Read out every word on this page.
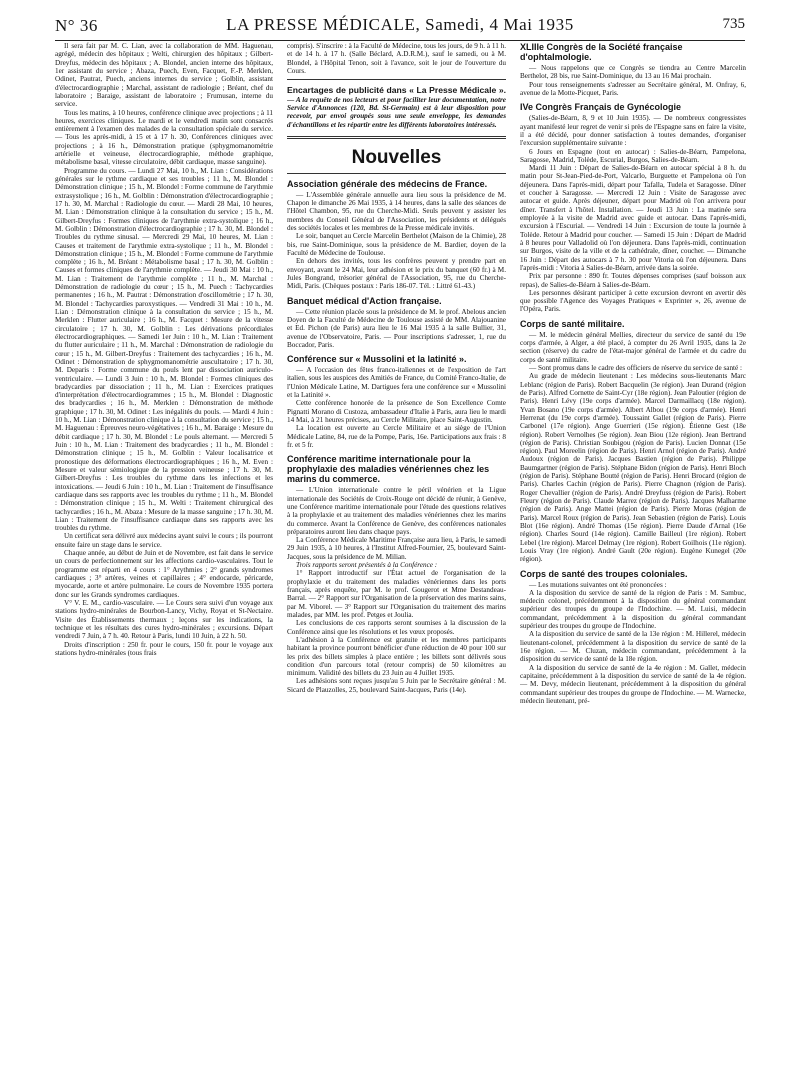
N° 36	LA PRESSE MÉDICALE, Samedi, 4 Mai 1935	735

Il sera fait par M. C. Lian, avec la collaboration de MM. Haguenau, agrégé, médecin des hôpitaux ; Welti, chirurgien des hôpitaux ; Gilbert-Dreyfus, médecin des hôpitaux ; A. Blondel, ancien interne des hôpitaux, 1er assistant du service ; Abaza, Puech, Even, Facquet, F.-P. Merklen, Odinet, Pautrat, Puech, anciens internes du service ; Golblin, assistant d'électrocardiographie ; Marchal, assistant de radiologie ; Bréant, chef du laboratoire ; Baraige, assistant de laboratoire ; Frumusan, interne du service.

Tous les matins, à 10 heures, conférence clinique avec projections ; à 11 heures, exercices cliniques. Le mardi et le vendredi matin sont consacrés entièrement à l'examen des malades de la consultation spéciale du service. — Tous les après-midi, à 15 et à 17 h. 30, Conférences cliniques avec projections ; à 16 h., Démonstration pratique (sphygmomanométrie artérielle et veineuse, électrocardiographie, méthode graphique, métabolisme basal, vitesse circulatoire, débit cardiaque, masse sanguine).

Programme du cours. — Lundi 27 Mai, 10 h., M. Lian : Considérations générales sur le rythme cardiaque et ses troubles ; 11 h., M. Blondel : Démonstration clinique ; 15 h., M. Blondel : Forme commune de l'arythmie extrasystolique ; 16 h., M. Golblin : Démonstration d'électrocardiographie ; 17 h. 30, M. Marchal : Radiologie du cœur. — Mardi 28 Mai, 10 heures, M. Lian : Démonstration clinique à la consultation du service ; 15 h., M. Gilbert-Dreyfus : Formes cliniques de l'arythmie extra-systolique ; 16 h., M. Golblin : Démonstration d'électrocardiographie ; 17 h. 30, M. Blondel : Troubles du rythme sinusal. — Mercredi 29 Mai, 10 heures, M. Lian : Causes et traitement de l'arythmie extra-systolique ; 11 h., M. Blondel : Démonstration clinique ; 15 h., M. Blondel : Forme commune de l'arythmie complète ; 16 h., M. Bréant : Métabolisme basal ; 17 h. 30, M. Golblin : Causes et formes cliniques de l'arythmie complète. — Jeudi 30 Mai : 10 h., M. Lian : Traitement de l'arythmie complète ; 11 h., M. Marchal : Démonstration de radiologie du cœur ; 15 h., M. Puech : Tachycardies permanentes ; 16 h., M. Pautrat : Démonstration d'oscillométrie ; 17 h. 30, M. Blondel : Tachycardies paroxystiques. — Vendredi 31 Mai : 10 h., M. Lian : Démonstration clinique à la consultation du service ; 15 h., M. Merklen : Flutter auriculaire ; 16 h., M. Facquet : Mesure de la vitesse circulatoire ; 17 h. 30, M. Golblin : Les dérivations précordiales électrocardiographiques. — Samedi 1er Juin : 10 h., M. Lian : Traitement du flutter auriculaire ; 11 h., M. Marchal : Démonstration de radiologie du cœur ; 15 h., M. Gilbert-Dreyfus : Traitement des tachycardies ; 16 h., M. Odinet : Démonstration de sphygmomanométrie auscultatoire ; 17 h. 30, M. Deparis : Forme commune du pouls lent par dissociation auriculo-ventriculaire. — Lundi 3 Juin : 10 h., M. Blondel : Formes cliniques des bradycardies par dissociation ; 11 h., M. Lian : Exercices pratiques d'interprétation d'électrocardiogrammes ; 15 h., M. Blondel : Diagnostic des bradycardies ; 16 h., M. Merklen : Démonstration de méthode graphique ; 17 h. 30, M. Odinet : Les inégalités du pouls. — Mardi 4 Juin : 10 h., M. Lian : Démonstration clinique à la consultation du service ; 15 h., M. Haguenau : Épreuves neuro-végétatives ; 16 h., M. Baraige : Mesure du débit cardiaque ; 17 h. 30, M. Blondel : Le pouls alternant. — Mercredi 5 Juin : 10 h., M. Lian : Traitement des bradycardies ; 11 h., M. Blondel : Démonstration clinique ; 15 h., M. Golblin : Valeur localisatrice et pronostique des déformations électrocardiographiques ; 16 h., M. Even : Mesure et valeur sémiologique de la pression veineuse ; 17 h. 30, M. Gilbert-Dreyfus : Les troubles du rythme dans les infections et les intoxications. — Jeudi 6 Juin : 10 h., M. Lian : Traitement de l'insuffisance cardiaque dans ses rapports avec les troubles du rythme ; 11 h., M. Blondel : Démonstration clinique ; 15 h., M. Welti : Traitement chirurgical des tachycardies ; 16 h., M. Abaza : Mesure de la masse sanguine ; 17 h. 30, M. Lian : Traitement de l'insuffisance cardiaque dans ses rapports avec les troubles du rythme.

Un certificat sera délivré aux médecins ayant suivi le cours ; ils pourront ensuite faire un stage dans le service.

Chaque année, au début de Juin et de Novembre, est fait dans le service un cours de perfectionnement sur les affections cardio-vasculaires. Tout le programme est réparti en 4 cours : 1° Arythmies ; 2° grands syndromes cardiaques ; 3° artères, veines et capillaires ; 4° endocarde, péricarde, myocarde, aorte et artère pulmonaire. Le cours de Novembre 1935 portera donc sur les Grands syndromes cardiaques.

V° V. E. M., cardio-vasculaire. — Le Cours sera suivi d'un voyage aux stations hydro-minérales de Bourbon-Lancy, Vichy, Royat et St-Nectaire. Visite des Établissements thermaux ; leçons sur les indications, la technique et les résultats des cures hydro-minérales ; excursions. Départ vendredi 7 Juin, à 7 h. 40. Retour à Paris, lundi 10 Juin, à 22 h. 50.

Droits d'inscription : 250 fr. pour le cours, 150 fr. pour le voyage aux stations hydro-minérales (tous frais

compris). S'inscrire : à la Faculté de Médecine, tous les jours, de 9 h. à 11 h. et de 14 h. à 17 h. (Salle Béclard, A.D.R.M.), sauf le samedi, ou à M. Blondel, à l'Hôpital Tenon, soit à l'avance, soit le jour de l'ouverture du Cours.

Encartages de publicité dans « La Presse Médicale ». — A la requête de nos lecteurs et pour faciliter leur documentation, notre Service d'Annonces (120, Bd. St-Germain) est à leur disposition pour recevoir, par envoi groupés sous une seule enveloppe, les demandes d'échantillons et les répartir entre les différents laboratoires intéressés.

Nouvelles
Association générale des médecins de France.

— L'Assemblée générale annuelle aura lieu sous la présidence de M. Chapon le dimanche 26 Mai 1935, à 14 heures, dans la salle des séances de l'Hôtel Chambon, 95, rue du Cherche-Midi. Seuls peuvent y assister les membres du Conseil Général de l'Association, les présidents et délégués des sociétés locales et les membres de la Presse médicale invités.

Le soir, banquet au Cercle Marcelin Berthelot (Maison de la Chimie), 28 bis, rue Saint-Dominique, sous la présidence de M. Bardier, doyen de la Faculté de Médecine de Toulouse.

En dehors des invités, tous les confrères peuvent y prendre part en envoyant, avant le 24 Mai, leur adhésion et le prix du banquet (60 fr.) à M. Jules Bongrand, trésorier général de l'Association, 95, rue du Cherche-Midi, Paris. (Chèques postaux : Paris 186-07. Tél. : Littré 61-43.)

Banquet médical d'Action française.

— Cette réunion placée sous la présidence de M. le prof. Abelous ancien Doyen de la Faculté de Médecine de Toulouse assisté de MM. Alajouanine et Ed. Pichon (de Paris) aura lieu le 16 Mai 1935 à la salle Bullier, 31, avenue de l'Observatoire, Paris. — Pour inscriptions s'adresser, 1, rue du Boccador, Paris.

Conférence sur « Mussolini et la latinité ».

— A l'occasion des fêtes franco-italiennes et de l'exposition de l'art italien, sous les auspices des Amitiés de France, du Comité Franco-Italie, de l'Union Médicale Latine, M. Dartigues fera une conférence sur « Mussolini et la Latinité ».

Cette conférence honorée de la présence de Son Excellence Comte Pignatti Morano di Custoza, ambassadeur d'Italie à Paris, aura lieu le mardi 14 Mai, à 21 heures précises, au Cercle Militaire, place Saint-Augustin.

La location est ouverte au Cercle Militaire et au siège de l'Union Médicale Latine, 84, rue de la Pompe, Paris, 16e. Participations aux frais : 8 fr. et 5 fr.

Conférence maritime internationale pour la prophylaxie des maladies vénériennes chez les marins du commerce.

— L'Union internationale contre le péril vénérien et la Ligue internationale des Sociétés de Croix-Rouge ont décidé de réunir, à Genève, une Conférence maritime internationale pour l'étude des questions relatives à la prophylaxie et au traitement des maladies vénériennes chez les marins du commerce. Avant la Conférence de Genève, des conférences nationales préparatoires auront lieu dans chaque pays.

La Conférence Médicale Maritime Française aura lieu, à Paris, le samedi 29 Juin 1935, à 10 heures, à l'Institut Alfred-Fournier, 25, boulevard Saint-Jacques, sous la présidence de M. Milian.

Trois rapports seront présentés à la Conférence :

1° Rapport introductif sur l'État actuel de l'organisation de la prophylaxie et du traitement des maladies vénériennes dans les ports français, après enquête, par M. le prof. Gougerot et Mme Destandeau-Barral. — 2° Rapport sur l'Organisation de la préservation des marins sains, par M. Viborel. — 3° Rapport sur l'Organisation du traitement des marins malades, par MM. les prof. Petges et Joulia.

Les conclusions de ces rapports seront soumises à la discussion de la Conférence ainsi que les résolutions et les vœux proposés.

L'adhésion à la Conférence est gratuite et les membres participants habitant la province pourront bénéficier d'une réduction de 40 pour 100 sur les prix des billets simples à place entière ; les billets sont délivrés sous condition d'un parcours total (retour compris) de 50 kilomètres au minimum. Validité des billets du 23 Juin au 4 Juillet 1935.

Les adhésions sont reçues jusqu'au 5 Juin par le Secrétaire général : M. Sicard de Plauzolles, 25, boulevard Saint-Jacques, Paris (14e).

XLIIIe Congrès de la Société française d'ophtalmologie.

— Nous rappelons que ce Congrès se tiendra au Centre Marcelin Berthelot, 28 bis, rue Saint-Dominique, du 13 au 16 Mai prochain.

Pour tous renseignements s'adresser au Secrétaire général, M. Onfray, 6, avenue de la Motte-Picquet, Paris.

IVe Congrès Français de Gynécologie

(Salies-de-Béarn, 8, 9 et 10 Juin 1935). — De nombreux congressistes ayant manifesté leur regret de venir si près de l'Espagne sans en faire la visite, il a été décidé, pour donner satisfaction à toutes demandes, d'organiser l'excursion supplémentaire suivante :

6 Jours en Espagne (tout en autocar) : Salies-de-Béarn, Pampelona, Saragosse, Madrid, Tolède, Escurial, Burgos, Salies-de-Béarn.

Mardi 11 Juin : Départ de Salies-de-Béarn en autocar spécial à 8 h. du matin pour St-Jean-Pied-de-Port, Valcarlo, Burguette et Pampelona où l'on déjeunera. Dans l'après-midi, départ pour Tafalla, Tudela et Saragosse. Dîner et coucher à Saragosse. — Mercredi 12 Juin : Visite de Saragosse avec autocar et guide. Après déjeuner, départ pour Madrid où l'on arrivera pour dîner. Transfert à l'hôtel. Installation. — Jeudi 13 Juin : La matinée sera employée à la visite de Madrid avec guide et autocar. Dans l'après-midi, excursion à l'Escurial. — Vendredi 14 Juin : Excursion de toute la journée à Tolède. Retour à Madrid pour coucher. — Samedi 15 Juin : Départ de Madrid à 8 heures pour Valladolid où l'on déjeunera. Dans l'après-midi, continuation sur Burgos, visite de la ville et de la cathédrale, dîner, coucher. — Dimanche 16 Juin : Départ des autocars à 7 h. 30 pour Vitoria où l'on déjeunera. Dans l'après-midi : Vitoria à Salies-de-Béarn, arrivée dans la soirée.

Prix par personne : 890 fr. Toutes dépenses comprises (sauf boisson aux repas), de Salies-de-Béarn à Salies-de-Béarn.

Les personnes désirant participer à cette excursion devront en avertir dès que possible l'Agence des Voyages Pratiques « Exprinter », 26, avenue de l'Opéra, Paris.

Corps de santé militaire.

— M. le médecin général Mellies, directeur du service de santé du 19e corps d'armée, à Alger, a été placé, à compter du 26 Avril 1935, dans la 2e section (réserve) du cadre de l'état-major général de l'armée et du cadre du corps de santé militaire.

— Sont promus dans le cadre des officiers de réserve du service de santé :

Au grade de médecin lieutenant : Les médecins sous-lieutenants Marc Leblanc (région de Paris). Robert Bacquelin (3e région). Jean Durand (région de Paris). Alfred Cornette de Saint-Cyr (18e région). Jean Paloutier (région de Paris). Henri Lévy (19e corps d'armée). Marcel Darmaillacq (18e région). Yvan Bosano (19e corps d'armée). Albert Albou (19e corps d'armée). Henri Herrenat (du 19e corps d'armée). Toussaint Gallet (région de Paris). Pierre Carbonel (17e région). Ange Guerrieri (15e région). Étienne Gest (18e région). Robert Vernolhes (5e région). Jean Biou (12e région). Jean Bertrand (région de Paris). Christian Soubigou (région de Paris). Lucien Donnat (15e région). Paul Moreelin (région de Paris). Henri Arnol (région de Paris). André Audoux (région de Paris). Jacques Bastien (région de Paris). Philippe Baumgartner (région de Paris). Stéphane Bidon (région de Paris). Henri Bloch (région de Paris). Stéphane Boutté (région de Paris). Henri Brocard (région de Paris). Charles Cachin (région de Paris). Pierre Chagnon (région de Paris). Roger Chevallier (région de Paris). André Dreyfuss (région de Paris). Robert Fleury (région de Paris). Claude Marrez (région de Paris). Jacques Malharme (région de Paris). Ange Mattei (région de Paris). Pierre Moras (région de Paris). Marcel Roux (région de Paris). Jean Sebastien (région de Paris). Louis Blot (16e région). André Thomas (15e région). Pierre Daude d'Arnal (16e région). Charles Sourd (14e région). Camille Bailleul (1re région). Robert Lebel (1re région). Marcel Delmay (1re région). Robert Goilhois (11e région). Louis Vray (1re région). André Gault (20e région). Eugène Kunegel (20e région).

Corps de santé des troupes coloniales.

— Les mutations suivantes ont été prononcées :

A la disposition du service de santé de la région de Paris : M. Sambuc, médecin colonel, précédemment à la disposition du général commandant supérieur des troupes du groupe de l'Indochine. — M. Luisi, médecin commandant, précédemment à la disposition du général commandant supérieur des troupes du groupe de l'Indochine.

A la disposition du service de santé de la 13e région : M. Hillerel, médecin lieutenant-colonel, précédemment à la disposition du service de santé de la 16e région. — M. Cluzan, médecin commandant, précédemment à la disposition du service de santé de la 18e région.

A la disposition du service de santé de la 4e région : M. Gallet, médecin capitaine, précédemment à la disposition du service de santé de la 4e région. — M. Devy, médecin lieutenant, précédemment à la disposition du général commandant supérieur des troupes du groupe de l'Indochine. — M. Warnecke, médecin lieutenant, pré-
